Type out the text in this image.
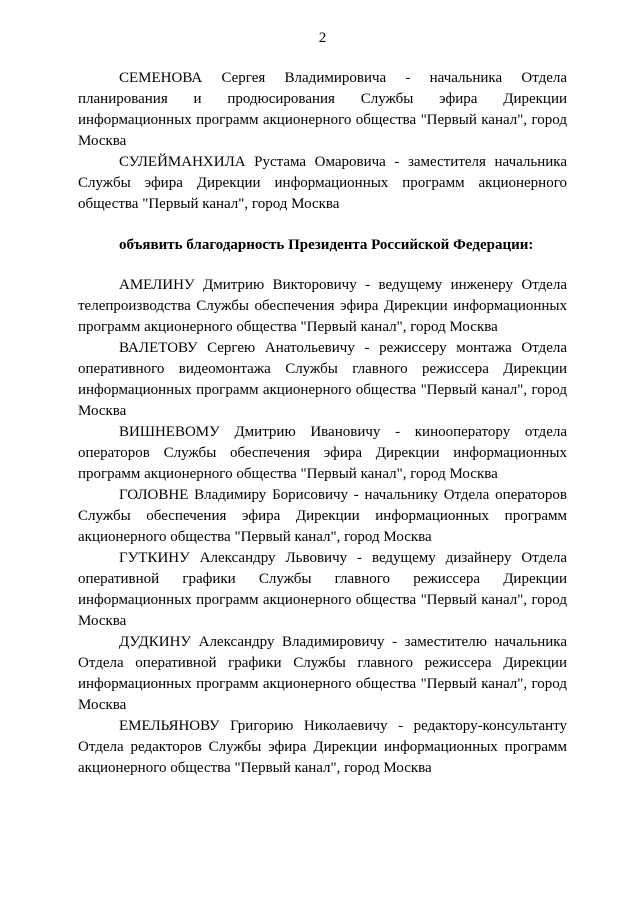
2

СЕМЕНОВА Сергея Владимировича - начальника Отдела планирования и продюсирования Службы эфира Дирекции информационных программ акционерного общества "Первый канал", город Москва

СУЛЕЙМАНХИЛА Рустама Омаровича - заместителя начальника Службы эфира Дирекции информационных программ акционерного общества "Первый канал", город Москва

объявить благодарность Президента Российской Федерации:

АМЕЛИНУ Дмитрию Викторовичу - ведущему инженеру Отдела телепроизводства Службы обеспечения эфира Дирекции информационных программ акционерного общества "Первый канал", город Москва

ВАЛЕТОВУ Сергею Анатольевичу - режиссеру монтажа Отдела оперативного видеомонтажа Службы главного режиссера Дирекции информационных программ акционерного общества "Первый канал", город Москва

ВИШНЕВОМУ Дмитрию Ивановичу - кинооператору отдела операторов Службы обеспечения эфира Дирекции информационных программ акционерного общества "Первый канал", город Москва

ГОЛОВНЕ Владимиру Борисовичу - начальнику Отдела операторов Службы обеспечения эфира Дирекции информационных программ акционерного общества "Первый канал", город Москва

ГУТКИНУ Александру Львовичу - ведущему дизайнеру Отдела оперативной графики Службы главного режиссера Дирекции информационных программ акционерного общества "Первый канал", город Москва

ДУДКИНУ Александру Владимировичу - заместителю начальника Отдела оперативной графики Службы главного режиссера Дирекции информационных программ акционерного общества "Первый канал", город Москва

ЕМЕЛЬЯНОВУ Григорию Николаевичу - редактору-консультанту Отдела редакторов Службы эфира Дирекции информационных программ акционерного общества "Первый канал", город Москва
